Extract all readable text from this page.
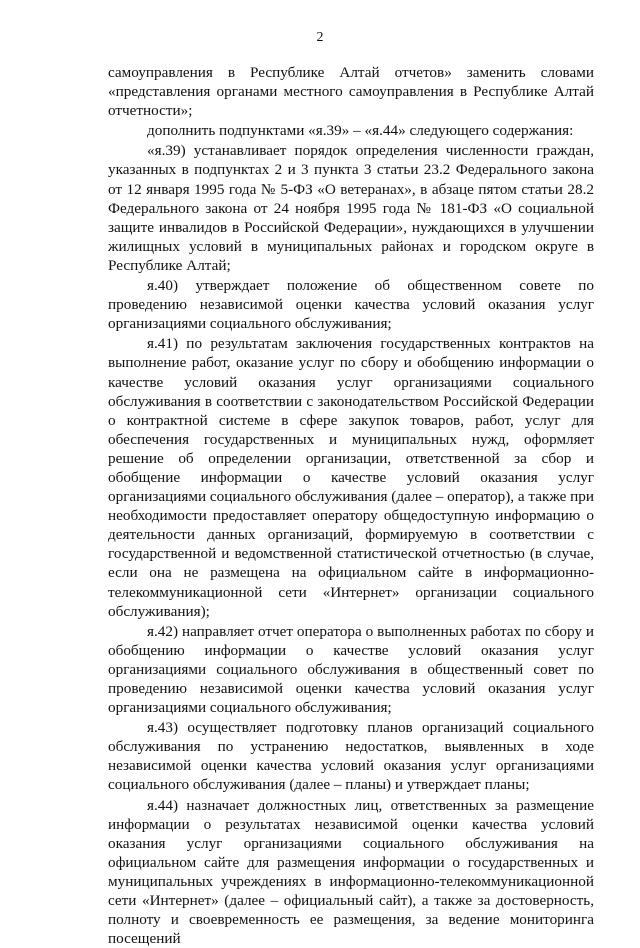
2

самоуправления в Республике Алтай отчетов» заменить словами «представления органами местного самоуправления в Республике Алтай отчетности»;

дополнить подпунктами «я.39» – «я.44» следующего содержания:

«я.39) устанавливает порядок определения численности граждан, указанных в подпунктах 2 и 3 пункта 3 статьи 23.2 Федерального закона от 12 января 1995 года № 5-ФЗ «О ветеранах», в абзаце пятом статьи 28.2 Федерального закона от 24 ноября 1995 года № 181-ФЗ «О социальной защите инвалидов в Российской Федерации», нуждающихся в улучшении жилищных условий в муниципальных районах и городском округе в Республике Алтай;

я.40) утверждает положение об общественном совете по проведению независимой оценки качества условий оказания услуг организациями социального обслуживания;

я.41) по результатам заключения государственных контрактов на выполнение работ, оказание услуг по сбору и обобщению информации о качестве условий оказания услуг организациями социального обслуживания в соответствии с законодательством Российской Федерации о контрактной системе в сфере закупок товаров, работ, услуг для обеспечения государственных и муниципальных нужд, оформляет решение об определении организации, ответственной за сбор и обобщение информации о качестве условий оказания услуг организациями социального обслуживания (далее – оператор), а также при необходимости предоставляет оператору общедоступную информацию о деятельности данных организаций, формируемую в соответствии с государственной и ведомственной статистической отчетностью (в случае, если она не размещена на официальном сайте в информационно-телекоммуникационной сети «Интернет» организации социального обслуживания);

я.42) направляет отчет оператора о выполненных работах по сбору и обобщению информации о качестве условий оказания услуг организациями социального обслуживания в общественный совет по проведению независимой оценки качества условий оказания услуг организациями социального обслуживания;

я.43) осуществляет подготовку планов организаций социального обслуживания по устранению недостатков, выявленных в ходе независимой оценки качества условий оказания услуг организациями социального обслуживания (далее – планы) и утверждает планы;

я.44) назначает должностных лиц, ответственных за размещение информации о результатах независимой оценки качества условий оказания услуг организациями социального обслуживания на официальном сайте для размещения информации о государственных и муниципальных учреждениях в информационно-телекоммуникационной сети «Интернет» (далее – официальный сайт), а также за достоверность, полноту и своевременность ее размещения, за ведение мониторинга посещений
